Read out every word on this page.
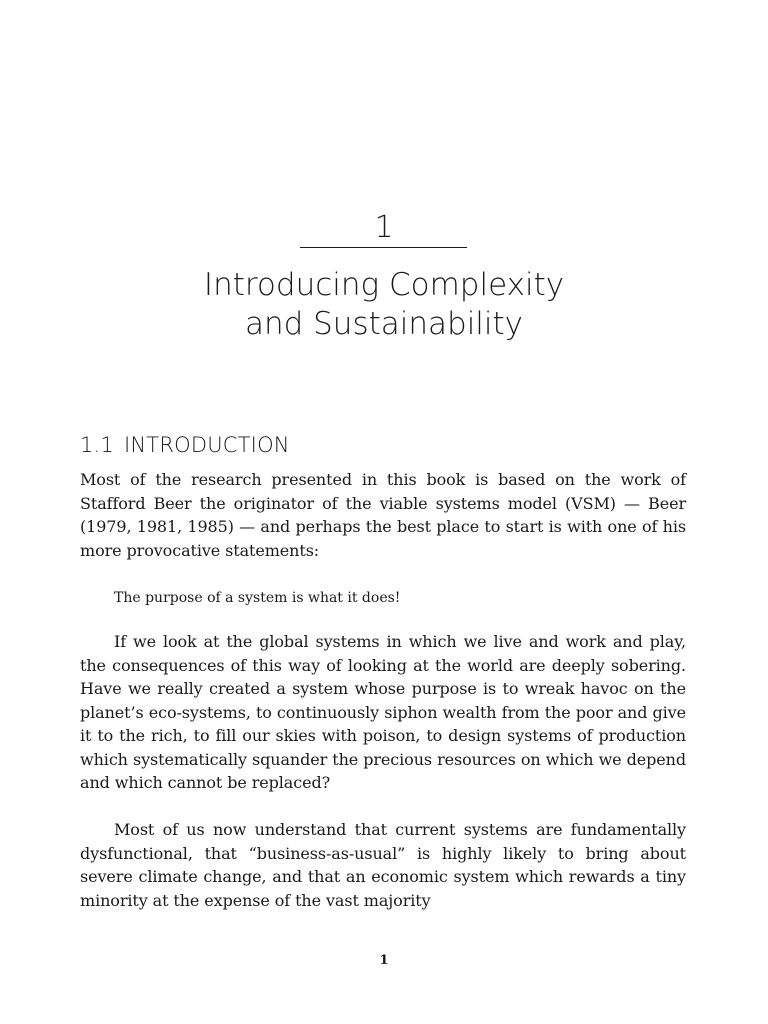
1
Introducing Complexity
and Sustainability
1.1 INTRODUCTION

Most of the research presented in this book is based on the work of Stafford Beer the originator of the viable systems model (VSM) — Beer (1979, 1981, 1985) — and perhaps the best place to start is with one of his more provocative statements:

The purpose of a system is what it does!

If we look at the global systems in which we live and work and play, the consequences of this way of looking at the world are deeply sobering. Have we really created a system whose purpose is to wreak havoc on the planet’s eco-systems, to continuously siphon wealth from the poor and give it to the rich, to fill our skies with poison, to design systems of production which systematically squander the precious resources on which we depend and which cannot be replaced?

Most of us now understand that current systems are fundamentally dysfunctional, that “business-as-usual” is highly likely to bring about severe climate change, and that an economic system which rewards a tiny minority at the expense of the vast majority

1
